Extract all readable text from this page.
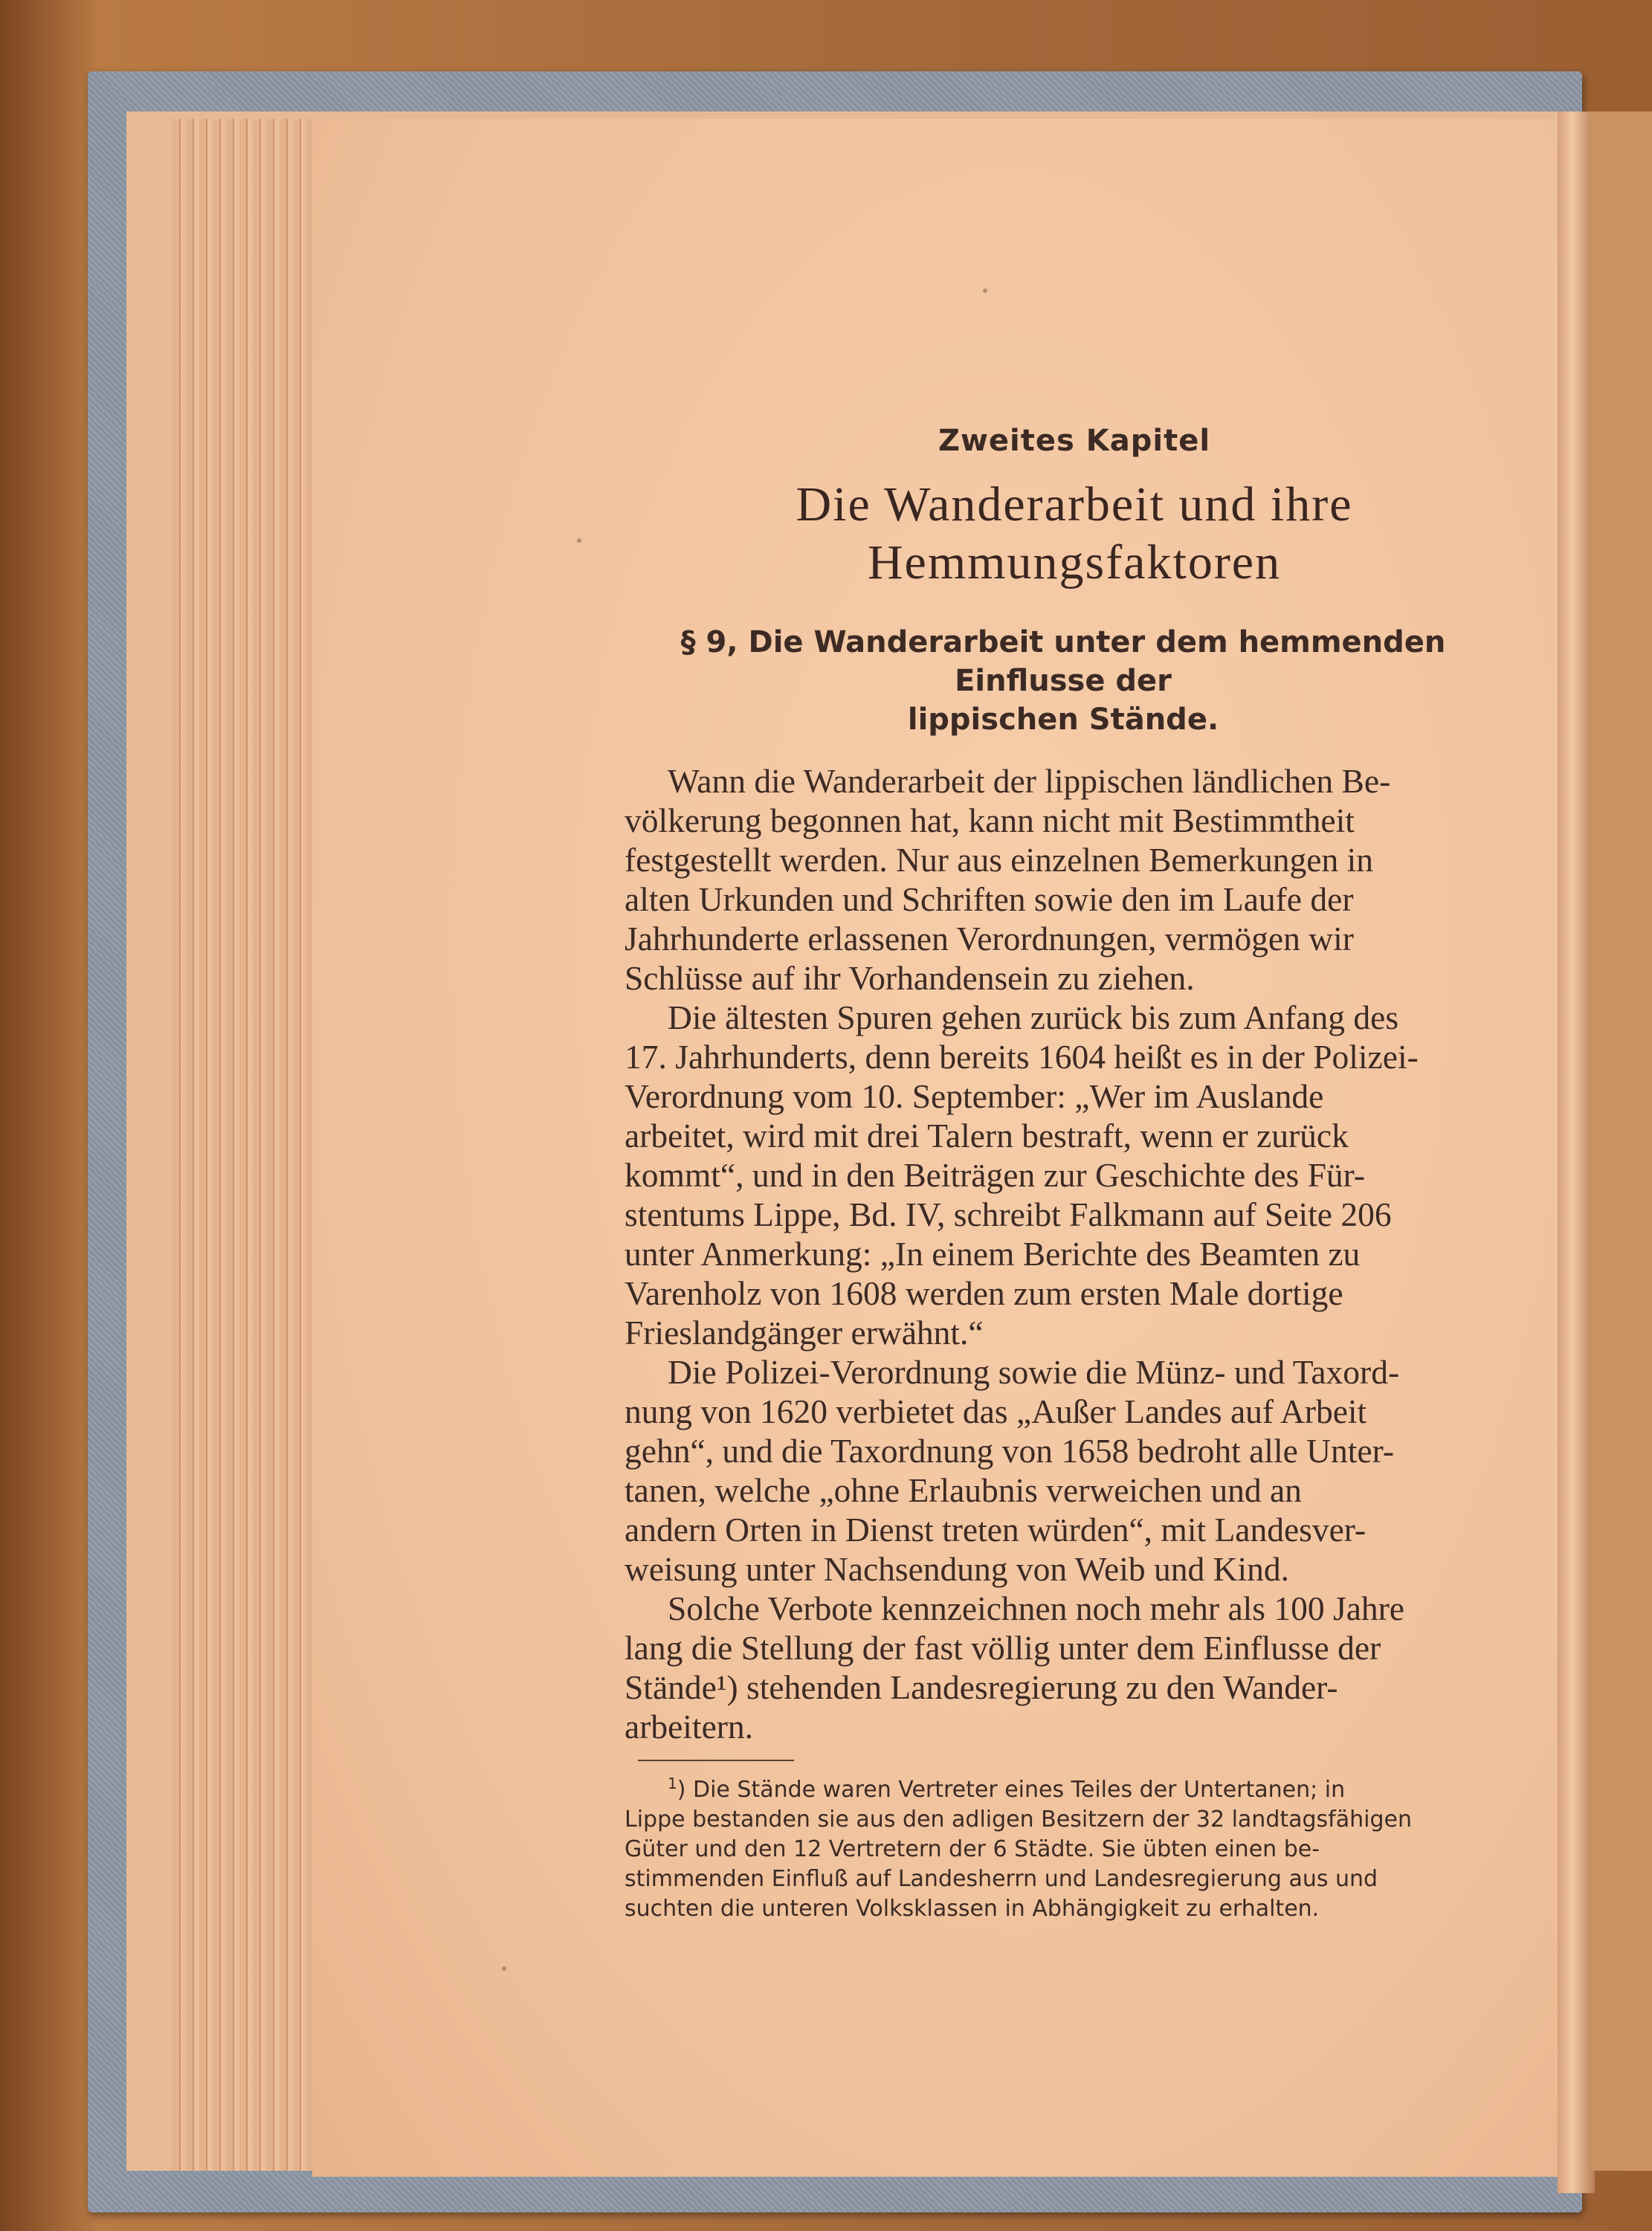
Zweites Kapitel
Die Wanderarbeit und ihre
Hemmungsfaktoren
§ 9, Die Wanderarbeit unter dem hemmenden Einflusse der
lippischen Stände.

Wann die Wanderarbeit der lippischen ländlichen Be-
völkerung begonnen hat, kann nicht mit Bestimmtheit
festgestellt werden. Nur aus einzelnen Bemerkungen in
alten Urkunden und Schriften sowie den im Laufe der
Jahrhunderte erlassenen Verordnungen, vermögen wir
Schlüsse auf ihr Vorhandensein zu ziehen.

Die ältesten Spuren gehen zurück bis zum Anfang des
17. Jahrhunderts, denn bereits 1604 heißt es in der Polizei-
Verordnung vom 10. September: „Wer im Auslande
arbeitet, wird mit drei Talern bestraft, wenn er zurück
kommt“, und in den Beiträgen zur Geschichte des Für-
stentums Lippe, Bd. IV, schreibt Falkmann auf Seite 206
unter Anmerkung: „In einem Berichte des Beamten zu
Varenholz von 1608 werden zum ersten Male dortige
Frieslandgänger erwähnt.“

Die Polizei-Verordnung sowie die Münz- und Taxord-
nung von 1620 verbietet das „Außer Landes auf Arbeit
gehn“, und die Taxordnung von 1658 bedroht alle Unter-
tanen, welche „ohne Erlaubnis verweichen und an
andern Orten in Dienst treten würden“, mit Landesver-
weisung unter Nachsendung von Weib und Kind.

Solche Verbote kennzeichnen noch mehr als 100 Jahre
lang die Stellung der fast völlig unter dem Einflusse der
Stände¹) stehenden Landesregierung zu den Wander-
arbeitern.

$^1$) Die Stände waren Vertreter eines Teiles der Untertanen; in
Lippe bestanden sie aus den adligen Besitzern der 32 landtagsfähigen
Güter und den 12 Vertretern der 6 Städte. Sie übten einen be-
stimmenden Einfluß auf Landesherrn und Landesregierung aus und
suchten die unteren Volksklassen in Abhängigkeit zu erhalten.
